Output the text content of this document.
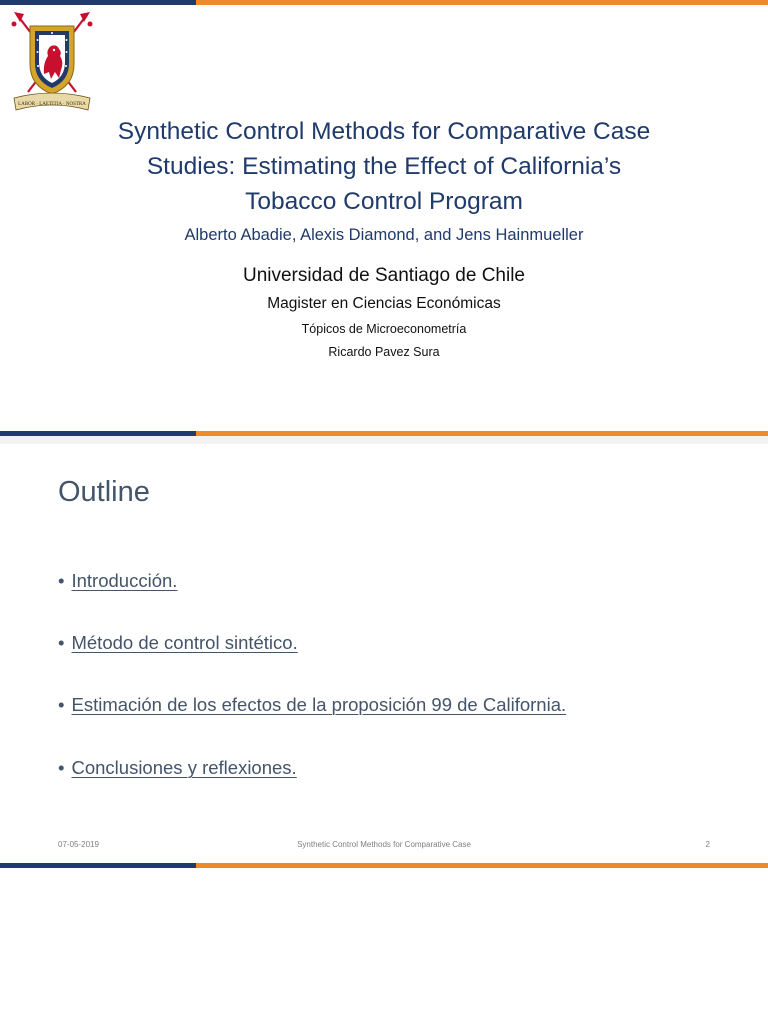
LABOR · LAETITIA · NOSTRA
Synthetic Control Methods for Comparative Case
Studies: Estimating the Effect of California’s
Tobacco Control Program
Alberto Abadie, Alexis Diamond, and Jens Hainmueller
Universidad de Santiago de Chile
Magister en Ciencias Económicas
Tópicos de Microeconometría
Ricardo Pavez Sura
Outline
• Introducción.
• Método de control sintético.
• Estimación de los efectos de la proposición 99 de California.
• Conclusiones y reflexiones.
07-05-2019	Synthetic Control Methods for Comparative Case	2
